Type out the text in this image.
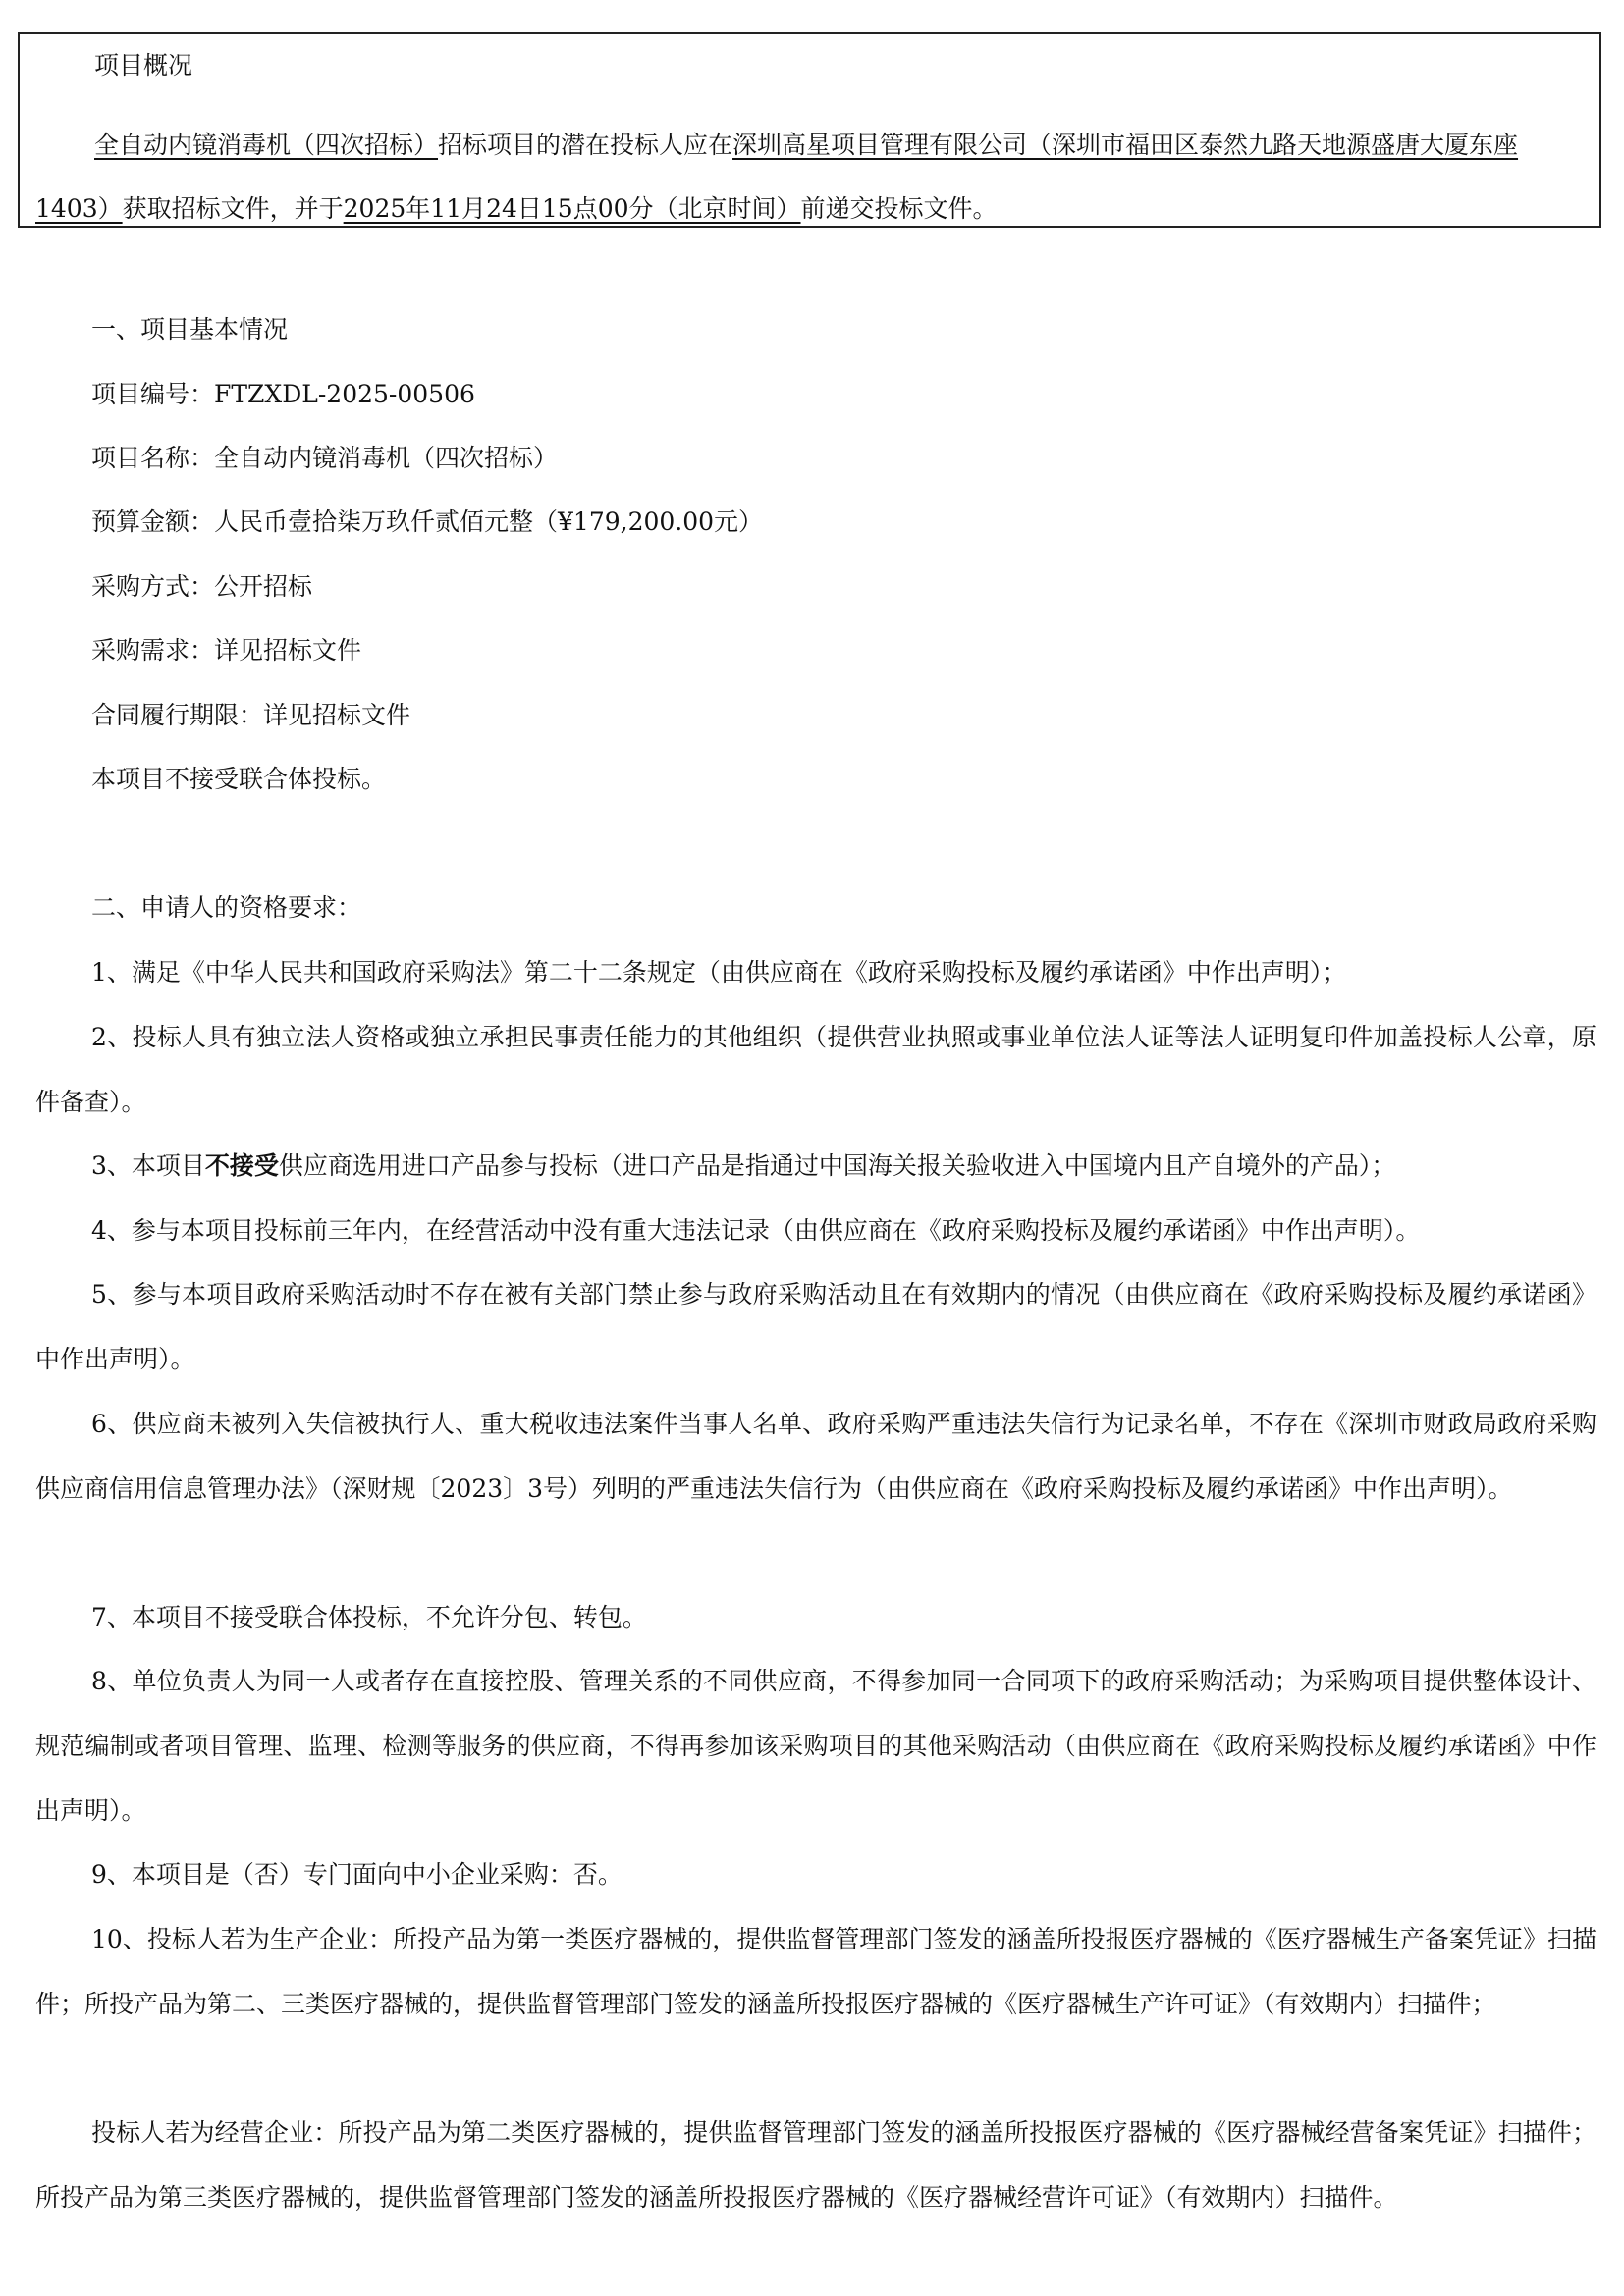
项目概况
全自动内镜消毒机（四次招标）招标项目的潜在投标人应在深圳高星项目管理有限公司（深圳市福田区泰然九路天地源盛唐大厦东座1403）获取招标文件，并于2025年11月24日15点00分（北京时间）前递交投标文件。
一、项目基本情况
项目编号：FTZXDL-2025-00506
项目名称：全自动内镜消毒机（四次招标）
预算金额：人民币壹拾柒万玖仟贰佰元整（¥179,200.00元）
采购方式：公开招标
采购需求：详见招标文件
合同履行期限：详见招标文件
本项目不接受联合体投标。
二、申请人的资格要求：
1、满足《中华人民共和国政府采购法》第二十二条规定（由供应商在《政府采购投标及履约承诺函》中作出声明）；
2、投标人具有独立法人资格或独立承担民事责任能力的其他组织（提供营业执照或事业单位法人证等法人证明复印件加盖投标人公章，原件备查）。
3、本项目不接受供应商选用进口产品参与投标（进口产品是指通过中国海关报关验收进入中国境内且产自境外的产品）；
4、参与本项目投标前三年内，在经营活动中没有重大违法记录（由供应商在《政府采购投标及履约承诺函》中作出声明）。
5、参与本项目政府采购活动时不存在被有关部门禁止参与政府采购活动且在有效期内的情况（由供应商在《政府采购投标及履约承诺函》中作出声明）。
6、供应商未被列入失信被执行人、重大税收违法案件当事人名单、政府采购严重违法失信行为记录名单，不存在《深圳市财政局政府采购供应商信用信息管理办法》（深财规〔2023〕3号）列明的严重违法失信行为（由供应商在《政府采购投标及履约承诺函》中作出声明）。
7、本项目不接受联合体投标，不允许分包、转包。
8、单位负责人为同一人或者存在直接控股、管理关系的不同供应商，不得参加同一合同项下的政府采购活动；为采购项目提供整体设计、规范编制或者项目管理、监理、检测等服务的供应商，不得再参加该采购项目的其他采购活动（由供应商在《政府采购投标及履约承诺函》中作出声明）。
9、本项目是（否）专门面向中小企业采购：否。
10、投标人若为生产企业：所投产品为第一类医疗器械的，提供监督管理部门签发的涵盖所投报医疗器械的《医疗器械生产备案凭证》扫描件；所投产品为第二、三类医疗器械的，提供监督管理部门签发的涵盖所投报医疗器械的《医疗器械生产许可证》（有效期内）扫描件；
投标人若为经营企业：所投产品为第二类医疗器械的，提供监督管理部门签发的涵盖所投报医疗器械的《医疗器械经营备案凭证》扫描件；所投产品为第三类医疗器械的，提供监督管理部门签发的涵盖所投报医疗器械的《医疗器械经营许可证》（有效期内）扫描件。
